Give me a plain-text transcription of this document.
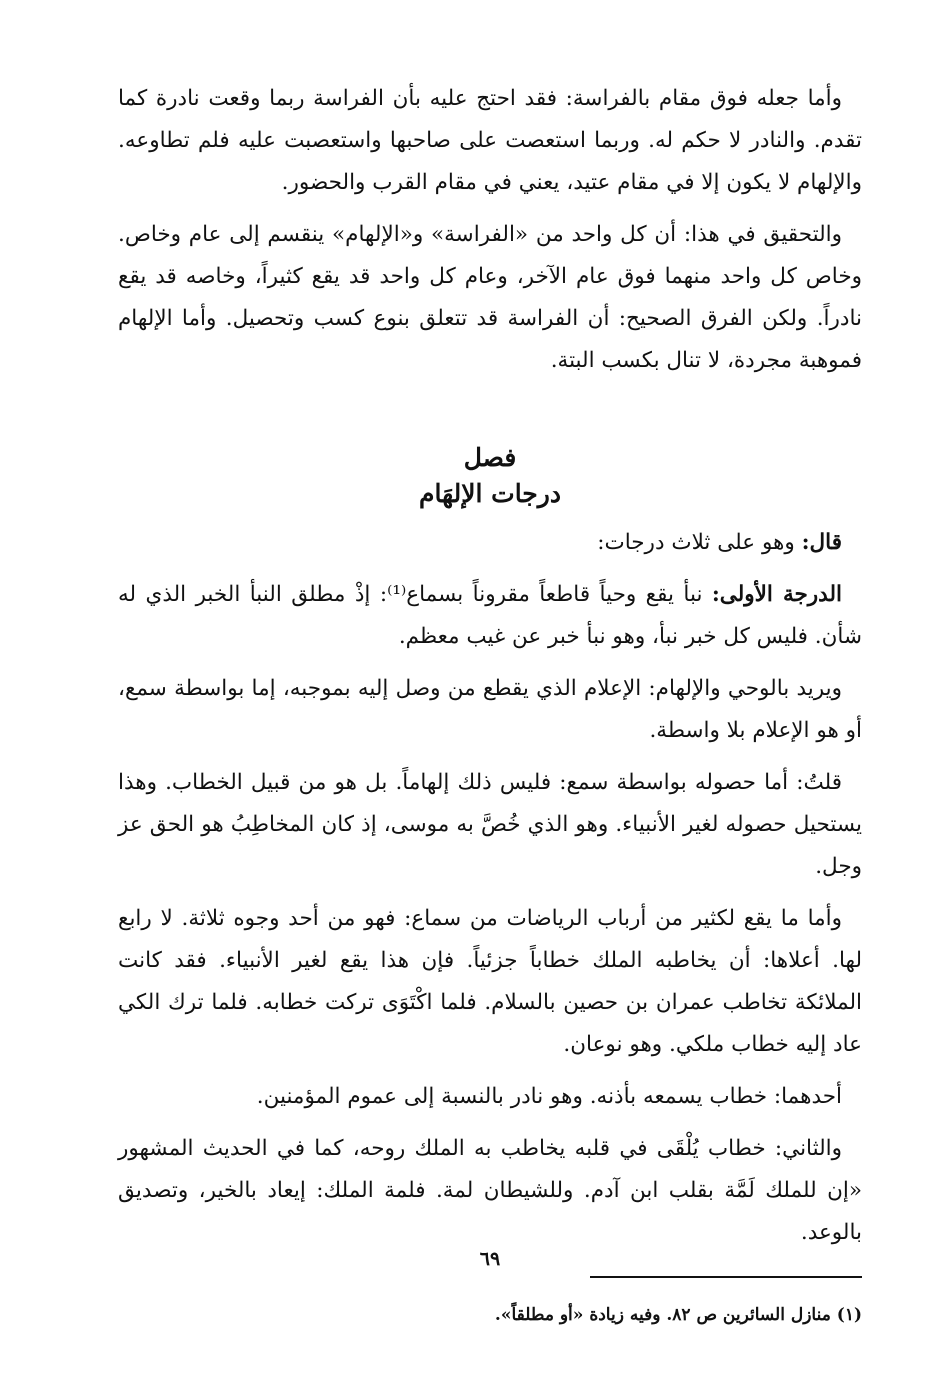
وأما جعله فوق مقام بالفراسة: فقد احتج عليه بأن الفراسة ربما وقعت نادرة كما تقدم. والنادر لا حكم له. وربما استعصت على صاحبها واستعصبت عليه فلم تطاوعه. والإلهام لا يكون إلا في مقام عتيد، يعني في مقام القرب والحضور.

والتحقيق في هذا: أن كل واحد من «الفراسة» و«الإلهام» ينقسم إلى عام وخاص. وخاص كل واحد منهما فوق عام الآخر، وعام كل واحد قد يقع كثيراً، وخاصه قد يقع نادراً. ولكن الفرق الصحيح: أن الفراسة قد تتعلق بنوع كسب وتحصيل. وأما الإلهام فموهبة مجردة، لا تنال بكسب البتة.

فصل
درجات الإلهَام

قال: وهو على ثلاث درجات:

الدرجة الأولى: نبأ يقع وحياً قاطعاً مقروناً بسماع⁽¹⁾: إذْ مطلق النبأ الخبر الذي له شأن. فليس كل خبر نبأ، وهو نبأ خبر عن غيب معظم.

ويريد بالوحي والإلهام: الإعلام الذي يقطع من وصل إليه بموجبه، إما بواسطة سمع، أو هو الإعلام بلا واسطة.

قلتُ: أما حصوله بواسطة سمع: فليس ذلك إلهاماً. بل هو من قبيل الخطاب. وهذا يستحيل حصوله لغير الأنبياء. وهو الذي خُصَّ به موسى، إذ كان المخاطِبُ هو الحق عز وجل.

وأما ما يقع لكثير من أرباب الرياضات من سماع: فهو من أحد وجوه ثلاثة. لا رابع لها. أعلاها: أن يخاطبه الملك خطاباً جزئياً. فإن هذا يقع لغير الأنبياء. فقد كانت الملائكة تخاطب عمران بن حصين بالسلام. فلما اكْتَوَى تركت خطابه. فلما ترك الكي عاد إليه خطاب ملكي. وهو نوعان.

أحدهما: خطاب يسمعه بأذنه. وهو نادر بالنسبة إلى عموم المؤمنين.

والثاني: خطاب يُلْقَى في قلبه يخاطب به الملك روحه، كما في الحديث المشهور «إن للملك لَمَّة بقلب ابن آدم. وللشيطان لمة. فلمة الملك: إيعاد بالخير، وتصديق بالوعد.

(١) منازل السائرين ص ٨٢. وفيه زيادة «أو مطلقاً».

٦٩
